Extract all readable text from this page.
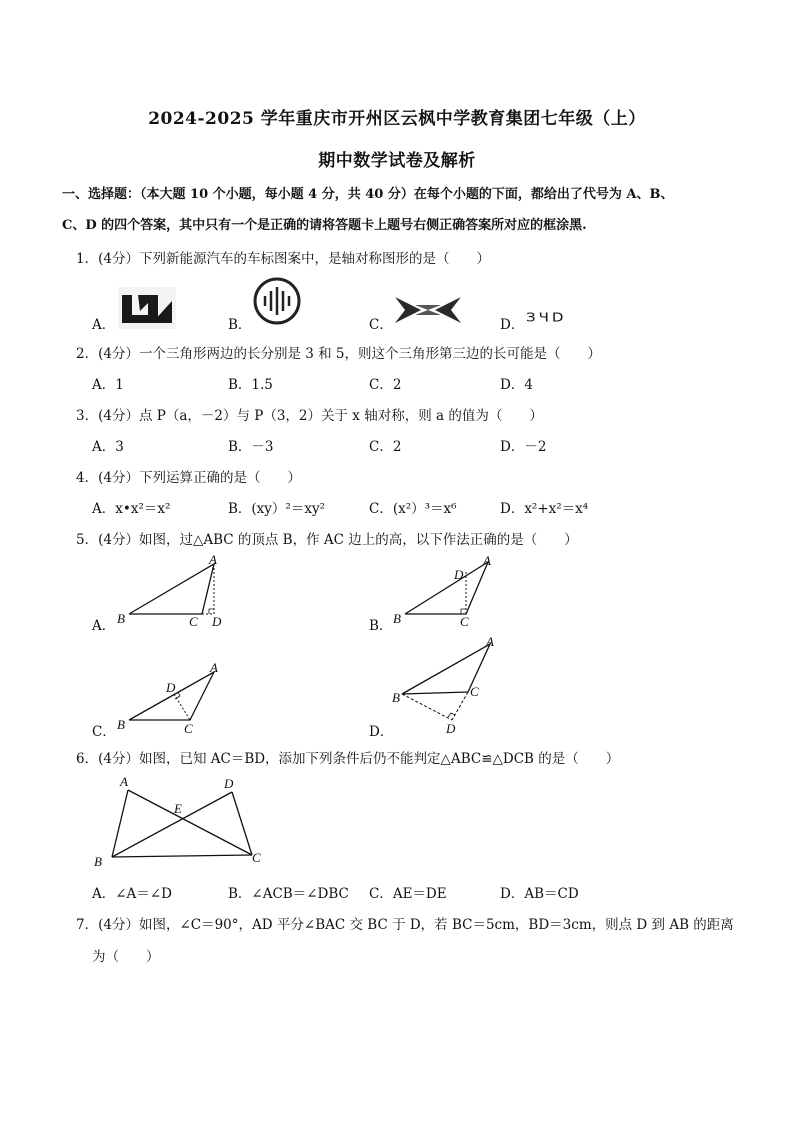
2024-2025 学年重庆市开州区云枫中学教育集团七年级（上）
期中数学试卷及解析
一、选择题：（本大题 10 个小题，每小题 4 分，共 40 分）在每个小题的下面，都给出了代号为 A、B、
C、D 的四个答案，其中只有一个是正确的请将答题卡上题号右侧正确答案所对应的框涂黑.
1．(4分）下列新能源汽车的车标图案中，是轴对称图形的是（　　）
A．	B．	C．	D． ЗЧD
2．(4分）一个三角形两边的长分别是 3 和 5，则这个三角形第三边的长可能是（　　）
A．1	B．1.5	C．2	D．4
3．(4分）点 P（a，－2）与 P（3，2）关于 x 轴对称，则 a 的值为（　　）
A．3	B．－3	C．2	D．－2
4．(4分）下列运算正确的是（　　）
A．x•x²＝x²	B．(xy）²＝xy²	C．(x²）³＝x⁶	D．x²+x²＝x⁴
5．(4分）如图，过△ABC 的顶点 B，作 AC 边上的高，以下作法正确的是（　　）
A．	B．
C．	D．
A
B	C D
D
A
B	C
A
D
B	C
A
B	C
D
6．(4分）如图，已知 AC＝BD，添加下列条件后仍不能判定△ABC≌△DCB 的是（　　）
A	D
E
B	C
A．∠A＝∠D	B．∠ACB＝∠DBC C．AE＝DE	D．AB＝CD
7．(4分）如图，∠C＝90°，AD 平分∠BAC 交 BC 于 D，若 BC＝5cm，BD＝3cm，则点 D 到 AB 的距离
为（　　）
